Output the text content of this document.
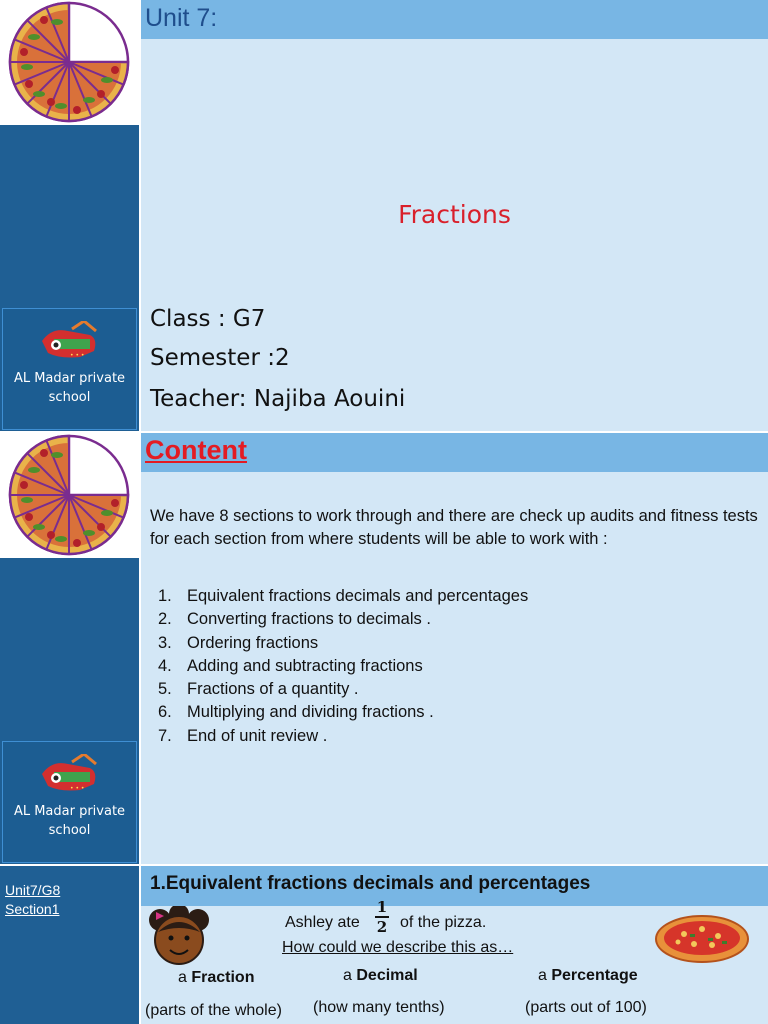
Unit 7:
Fractions
Class : G7
Semester :2
Teacher: Najiba Aouini
AL Madar private school
AL Madar private school
Content
We have 8 sections to work through and there are check up audits and fitness tests for each section from where students will be able to work with :
1. Equivalent fractions decimals and percentages
2. Converting fractions to decimals .
3. Ordering fractions
4. Adding and subtracting fractions
5. Fractions of a quantity .
6. Multiplying and dividing fractions .
7. End of unit review .
Unit7/G8
Section1
1.Equivalent fractions decimals and percentages
Ashley ate
1
2 of the pizza.
How could we describe this as…
a Fraction	a Decimal	a Percentage
(parts of the whole) (how many tenths)	(parts out of 100)
